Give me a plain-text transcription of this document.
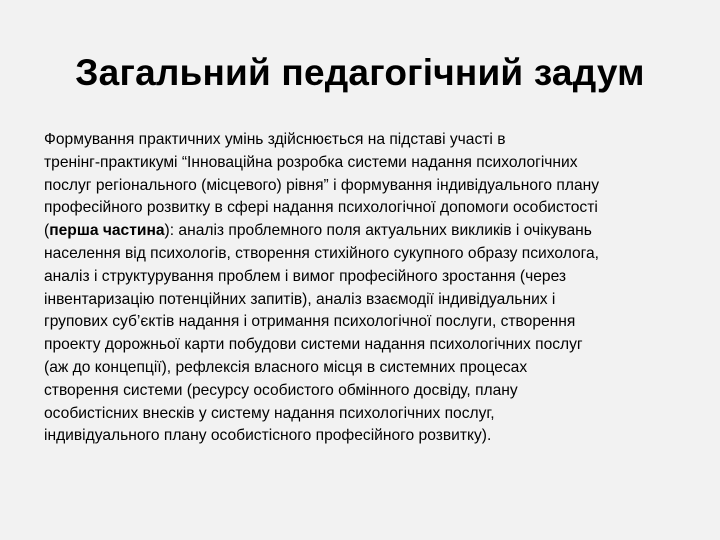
Загальний педагогічний задум
Формування практичних умінь здійснюється на підставі участі в
тренінг-практикумі “Інноваційна розробка системи надання психологічних
послуг регіонального (місцевого) рівня” і формування індивідуального плану
професійного розвитку в сфері надання психологічної допомоги особистості
(перша частина): аналіз проблемного поля актуальних викликів і очікувань
населення від психологів, створення стихійного сукупного образу психолога,
аналіз і структурування проблем і вимог професійного зростання (через
інвентаризацію потенційних запитів), аналіз взаємодії індивідуальних і
групових суб’єктів надання і отримання психологічної послуги, створення
проекту дорожньої карти побудови системи надання психологічних послуг
(аж до концепції), рефлексія власного місця в системних процесах
створення системи (ресурсу особистого обмінного досвіду, плану
особистісних внесків у систему надання психологічних послуг,
індивідуального плану особистісного професійного розвитку).
